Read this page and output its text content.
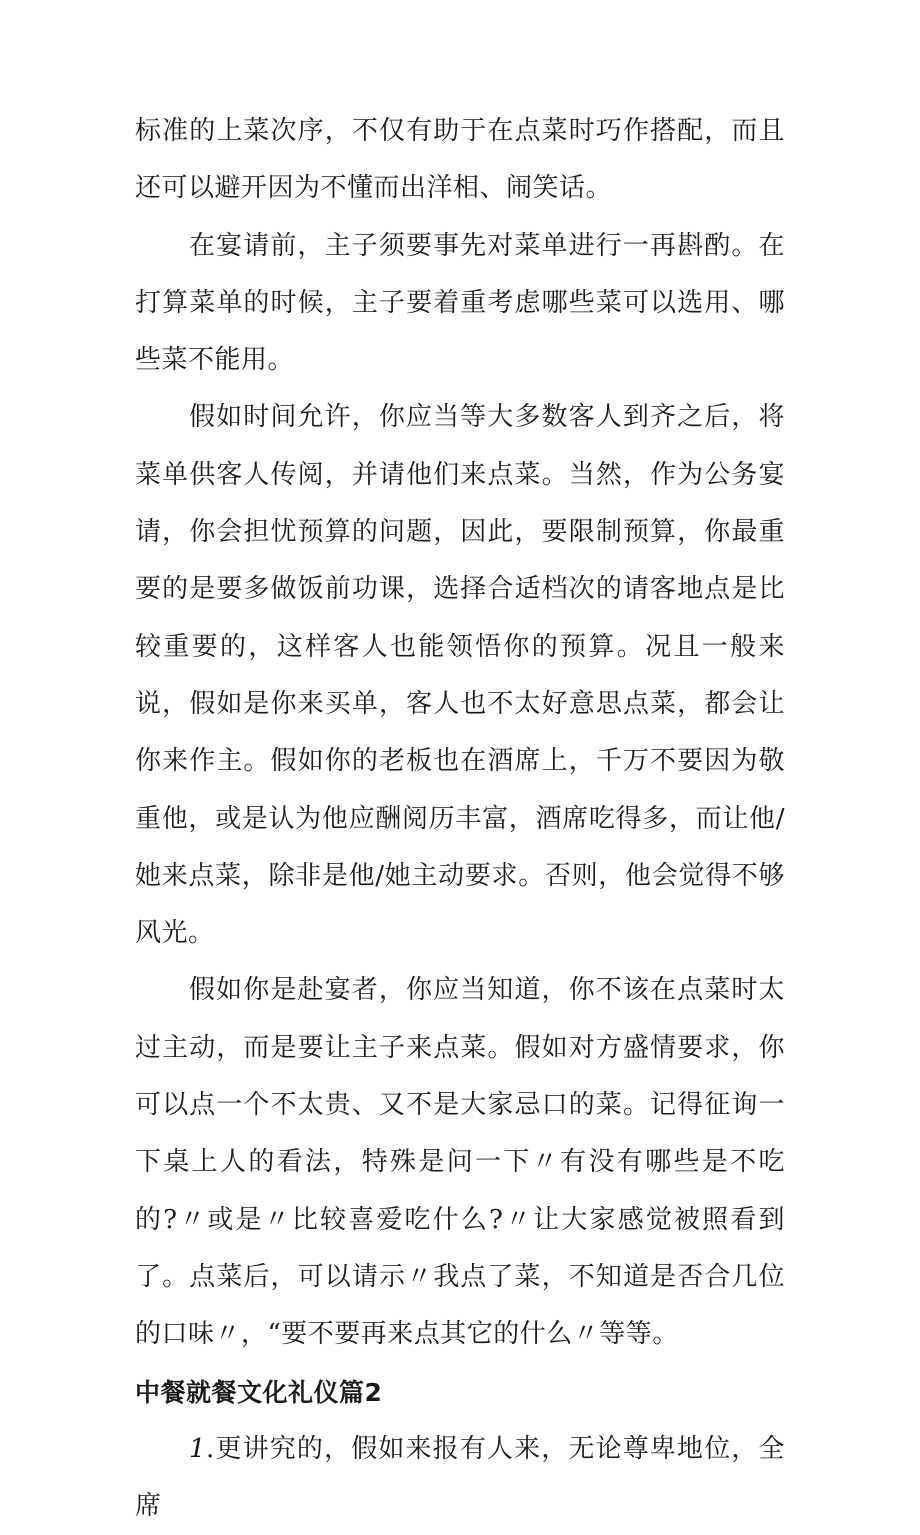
标准的上菜次序，不仅有助于在点菜时巧作搭配，而且还可以避开因为不懂而出洋相、闹笑话。

在宴请前，主子须要事先对菜单进行一再斟酌。在打算菜单的时候，主子要着重考虑哪些菜可以选用、哪些菜不能用。

假如时间允许，你应当等大多数客人到齐之后，将菜单供客人传阅，并请他们来点菜。当然，作为公务宴请，你会担忧预算的问题，因此，要限制预算，你最重要的是要多做饭前功课，选择合适档次的请客地点是比较重要的，这样客人也能领悟你的预算。况且一般来说，假如是你来买单，客人也不太好意思点菜，都会让你来作主。假如你的老板也在酒席上，千万不要因为敬重他，或是认为他应酬阅历丰富，酒席吃得多，而让他/她来点菜，除非是他/她主动要求。否则，他会觉得不够风光。

假如你是赴宴者，你应当知道，你不该在点菜时太过主动，而是要让主子来点菜。假如对方盛情要求，你可以点一个不太贵、又不是大家忌口的菜。记得征询一下桌上人的看法，特殊是问一下〃有没有哪些是不吃的?〃或是〃比较喜爱吃什么?〃让大家感觉被照看到了。点菜后，可以请示〃我点了菜，不知道是否合几位的口味〃，“要不要再来点其它的什么〃等等。

中餐就餐文化礼仪篇2

1.更讲究的，假如来报有人来，无论尊卑地位，全席
